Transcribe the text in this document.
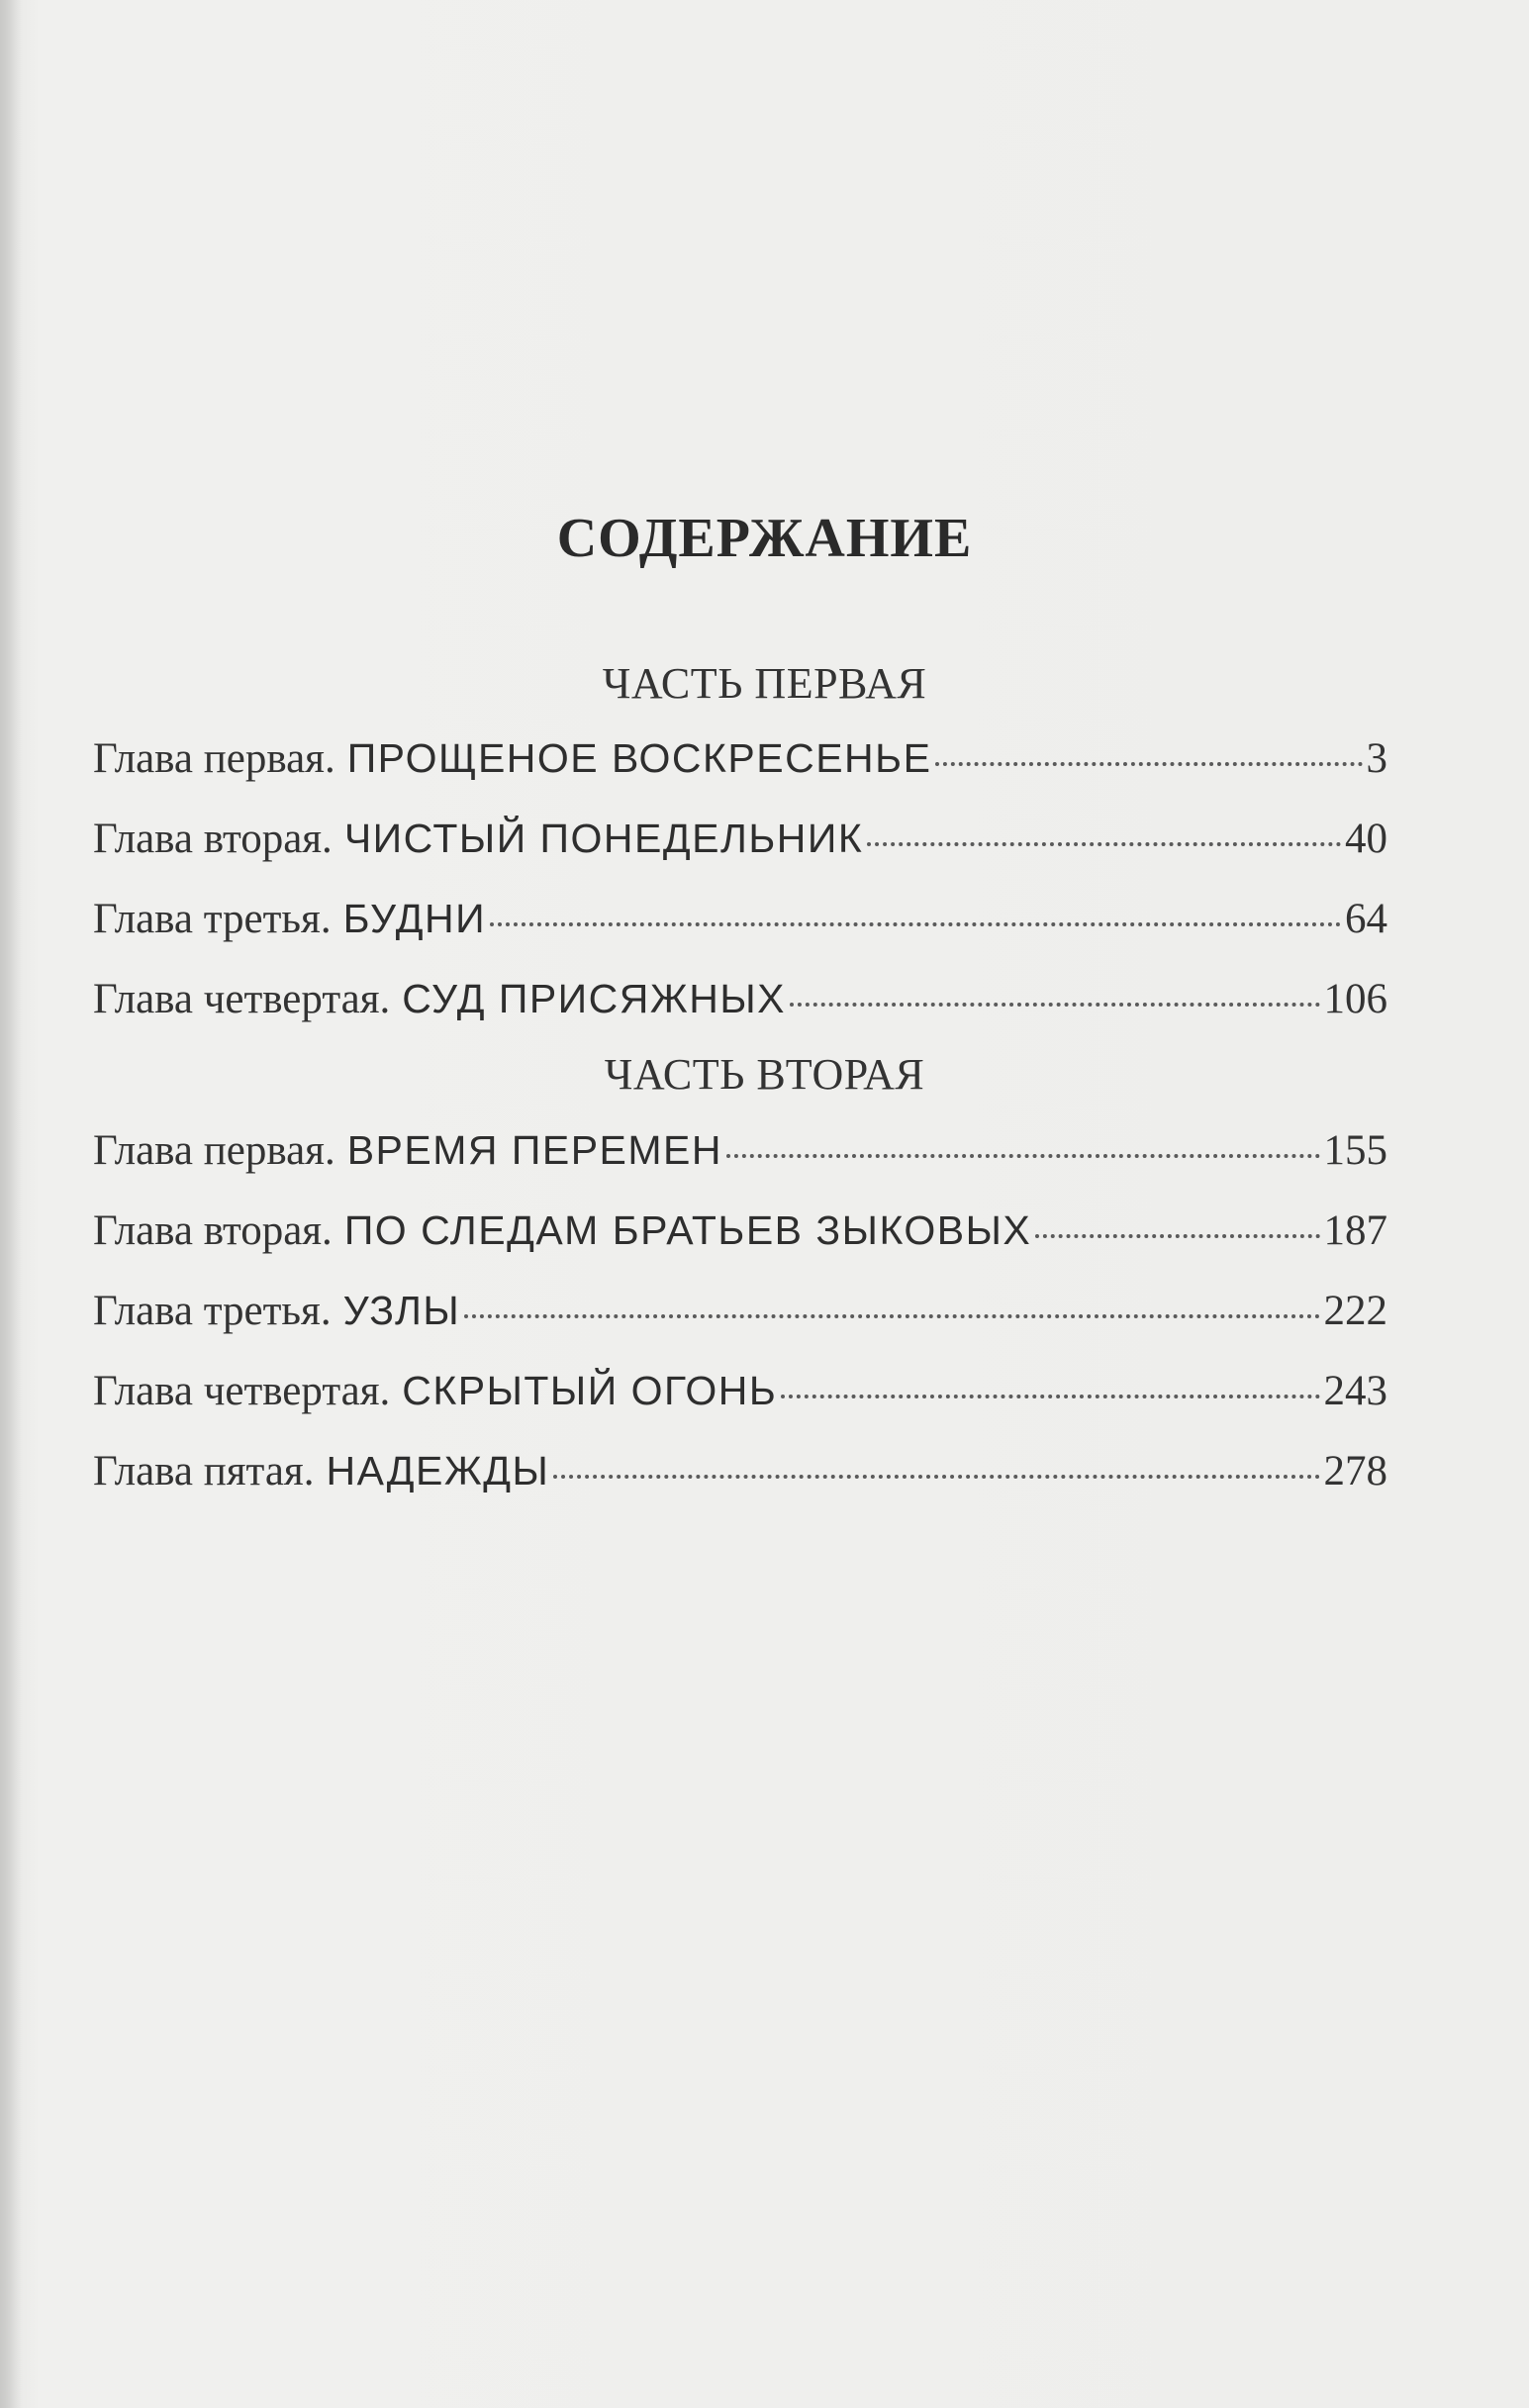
СОДЕРЖАНИЕ
ЧАСТЬ ПЕРВАЯ
Глава первая. ПРОЩЕНОЕ ВОСКРЕСЕНЬЕ	3
Глава вторая. ЧИСТЫЙ ПОНЕДЕЛЬНИК	40
Глава третья. БУДНИ	64
Глава четвертая. СУД ПРИСЯЖНЫХ	106
ЧАСТЬ ВТОРАЯ
Глава первая. ВРЕМЯ ПЕРЕМЕН	155
Глава вторая. ПО СЛЕДАМ БРАТЬЕВ ЗЫКОВЫХ	187
Глава третья. УЗЛЫ	222
Глава четвертая. СКРЫТЫЙ ОГОНЬ	243
Глава пятая. НАДЕЖДЫ	278
